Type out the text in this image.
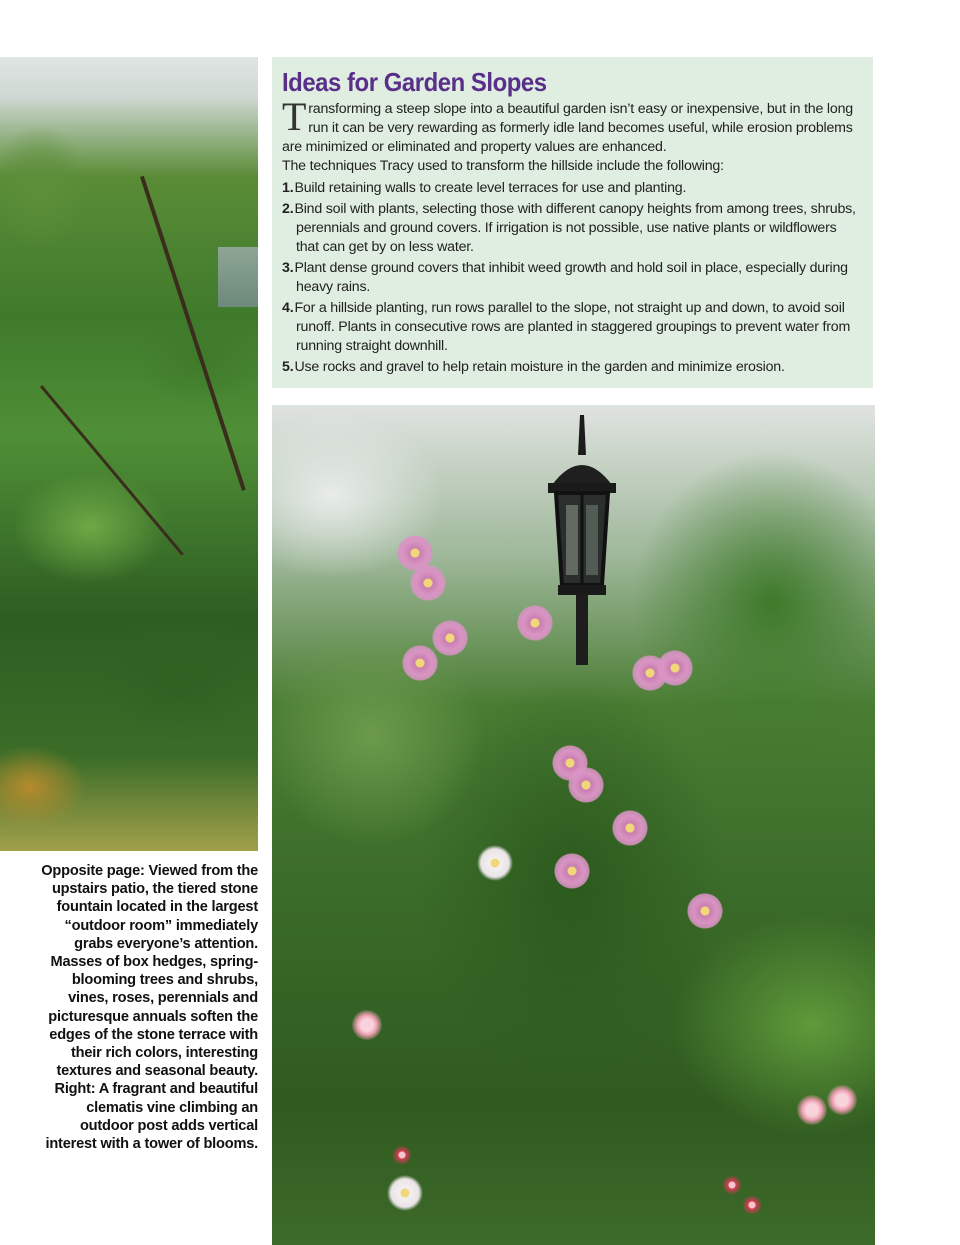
Ideas for Garden Slopes

Transforming a steep slope into a beautiful garden isn’t easy or inexpensive, but in the long run it can be very rewarding as formerly idle land becomes useful, while erosion problems are minimized or eliminated and property values are enhanced.

The techniques Tracy used to transform the hillside include the following:

1.Build retaining walls to create level terraces for use and planting.
2.Bind soil with plants, selecting those with different canopy heights from among trees, shrubs, perennials and ground covers. If irrigation is not possible, use native plants or wildflowers that can get by on less water.
3.Plant dense ground covers that inhibit weed growth and hold soil in place, especially during heavy rains.
4.For a hillside planting, run rows parallel to the slope, not straight up and down, to avoid soil runoff. Plants in consecutive rows are planted in staggered groupings to prevent water from running straight downhill.
5.Use rocks and gravel to help retain moisture in the garden and minimize erosion.
Opposite page: Viewed from the upstairs patio, the tiered stone fountain located in the largest “outdoor room” immediately grabs everyone’s attention. Masses of box hedges, spring-blooming trees and shrubs, vines, roses, perennials and picturesque annuals soften the edges of the stone terrace with their rich colors, interesting textures and seasonal beauty. Right: A fragrant and beautiful clematis vine climbing an outdoor post adds vertical interest with a tower of blooms.
